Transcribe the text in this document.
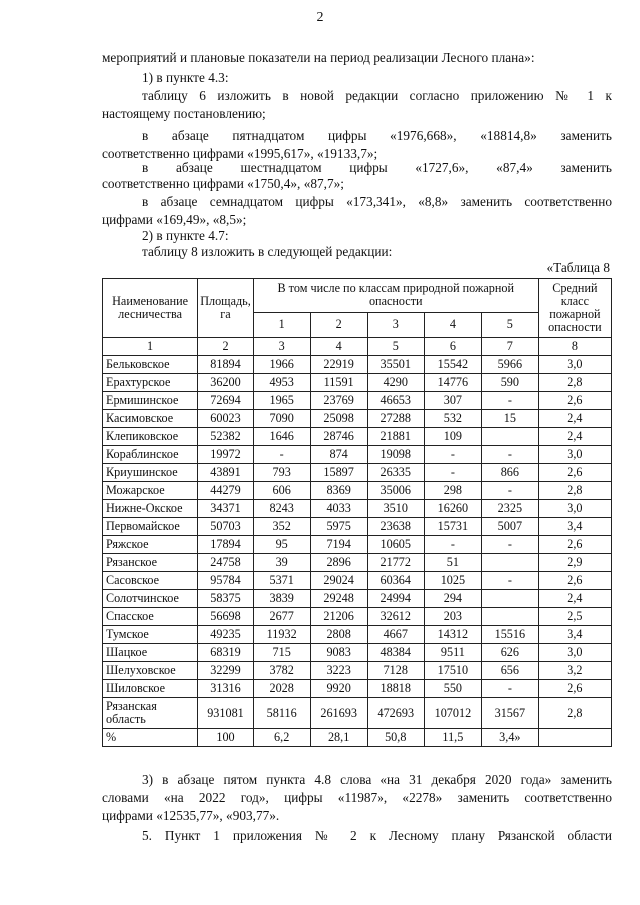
2
мероприятий и плановые показатели на период реализации Лесного плана»:
1) в пункте 4.3:
таблицу 6 изложить в новой редакции согласно приложению № 1 к
настоящему постановлению;
в абзаце пятнадцатом цифры «1976,668», «18814,8» заменить
соответственно цифрами «1995,617», «19133,7»;
в абзаце шестнадцатом цифры «1727,6», «87,4» заменить
соответственно цифрами «1750,4», «87,7»;
в абзаце семнадцатом цифры «173,341», «8,8» заменить соответственно
цифрами «169,49», «8,5»;
2) в пункте 4.7:
таблицу 8 изложить в следующей редакции:
«Таблица 8
Наименование лесничества	Площадь, га	В том числе по классам природной пожарной опасности					Средний класс пожарной опасности
		1	2	3	4	5	
1	2	3	4	5	6	7	8
Бельковское	81894	1966	22919	35501	15542	5966	3,0
Ерахтурское	36200	4953	11591	4290	14776	590	2,8
Ермишинское	72694	1965	23769	46653	307	-	2,6
Касимовское	60023	7090	25098	27288	532	15	2,4
Клепиковское	52382	1646	28746	21881	109		2,4
Кораблинское	19972	-	874	19098	-	-	3,0
Криушинское	43891	793	15897	26335	-	866	2,6
Можарское	44279	606	8369	35006	298	-	2,8
Нижне-Окское	34371	8243	4033	3510	16260	2325	3,0
Первомайское	50703	352	5975	23638	15731	5007	3,4
Ряжское	17894	95	7194	10605	-	-	2,6
Рязанское	24758	39	2896	21772	51		2,9
Сасовское	95784	5371	29024	60364	1025	-	2,6
Солотчинское	58375	3839	29248	24994	294		2,4
Спасское	56698	2677	21206	32612	203		2,5
Тумское	49235	11932	2808	4667	14312	15516	3,4
Шацкое	68319	715	9083	48384	9511	626	3,0
Шелуховское	32299	3782	3223	7128	17510	656	3,2
Шиловское	31316	2028	9920	18818	550	-	2,6
Рязанская область	931081	58116	261693	472693	107012	31567	2,8
%	100	6,2	28,1	50,8	11,5	3,4»	
3) в абзаце пятом пункта 4.8 слова «на 31 декабря 2020 года» заменить
словами «на 2022 год», цифры «11987», «2278» заменить соответственно
цифрами «12535,77», «903,77».
5. Пункт 1 приложения № 2 к Лесному плану Рязанской области
